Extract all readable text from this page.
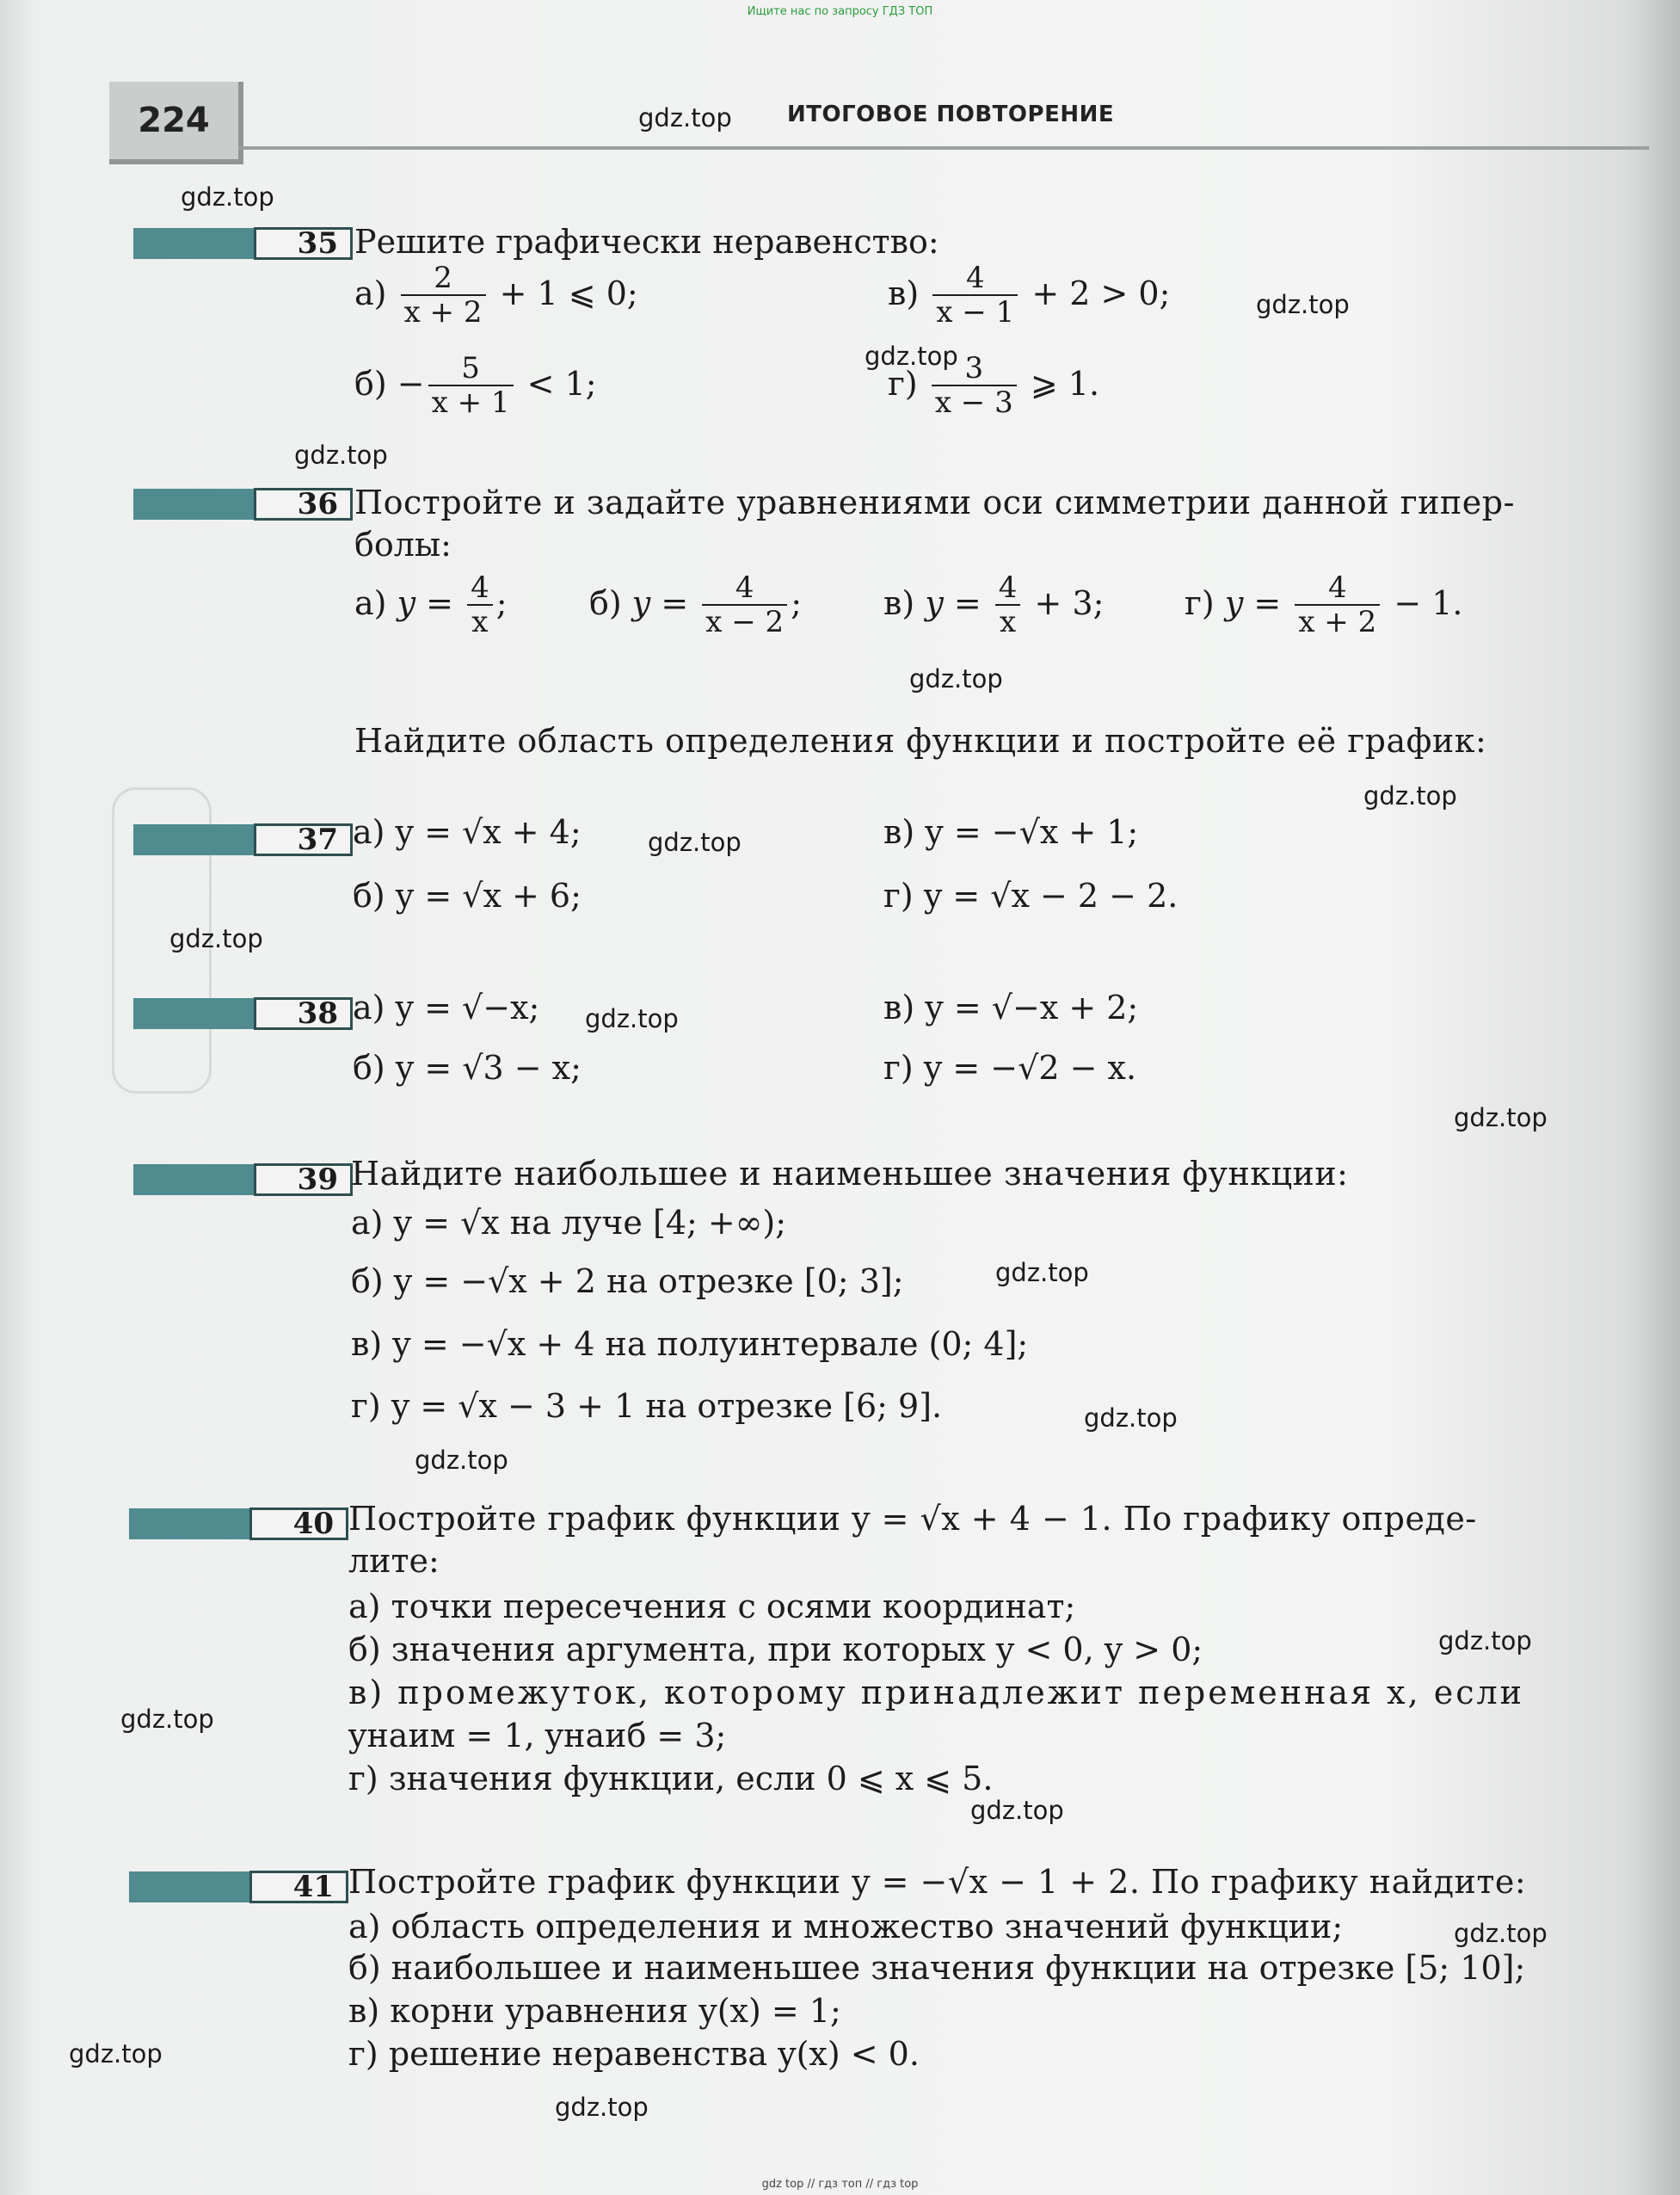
Ищите нас по запросу ГДЗ ТОП
224	ИТОГОВОЕ ПОВТОРЕНИЕ
gdz.top
gdz.top
gdz.top
gdz.top
gdz.top
gdz.top
gdz.top
gdz.top
gdz.top
gdz.top
gdz.top
gdz.top
gdz.top
gdz.top
gdz.top
gdz.top
gdz.top
gdz.top
gdz.top
gdz.top
35 Решите графически неравенство:
$а) \frac{2}{x + 2} + 1$ ⩽ 0;	$в) \frac{4}{x - 1} + 2 > 0$;
$б) - \frac{5}{x + 1} < 1$;	$г) \frac{3}{x - 3}$ ⩾ 1.
36 Постройте и задайте уравнениями оси симметрии данной гипер-
болы:
а) $y = \frac{4}{x}$ ;	б) $y = \frac{4}{x - 2}$ ; в) $y = \frac{4}{x} + 3$; г) $y = \frac{4}{x + 2} - 1$.
Найдите область определения функции и постройте её график:
37 а) y = √x + 4;	в) y = −√x + 1;
б) y = √x + 6;	г) y = √x − 2 − 2.
38 а) y = √−x;	в) y = √−x + 2;
б) y = √3 − x;	г) y = −√2 − x.
39 Найдите наибольшее и наименьшее значения функции:
а) y = √x на луче [4; +∞);
б) y = −√x + 2 на отрезке [0; 3];
в) y = −√x + 4 на полуинтервале (0; 4];
г) y = √x − 3 + 1 на отрезке [6; 9].
40 Постройте график функции y = √x + 4 − 1. По графику опреде-
лите:
а) точки пересечения с осями координат;
б) значения аргумента, при которых y < 0, y > 0;
в) промежуток, которому принадлежит переменная x, если
yнаим = 1, yнаиб = 3;
г) значения функции, если 0 ⩽ x ⩽ 5.
41 Постройте график функции y = −√x − 1 + 2. По графику найдите:
а) область определения и множество значений функции;
б) наибольшее и наименьшее значения функции на отрезке [5; 10];
в) корни уравнения y(x) = 1;
г) решение неравенства y(x) < 0.
gdz top // гдз топ // гдз top
